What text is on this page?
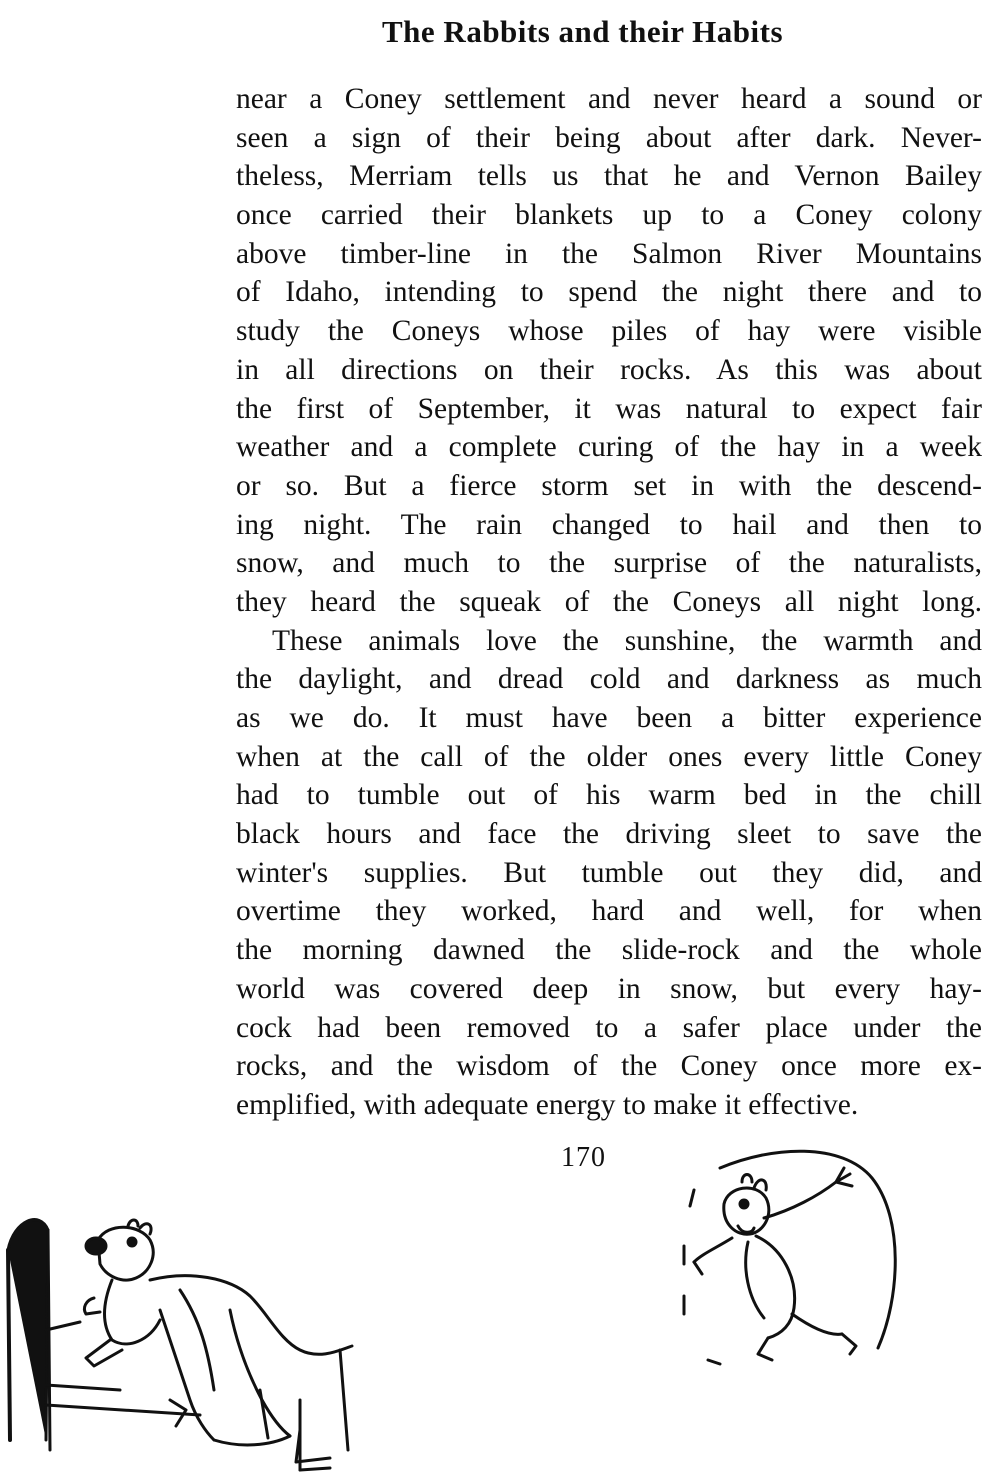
The Rabbits and their Habits
near a Coney settlement and never heard a sound or
seen a sign of their being about after dark. Never-
theless, Merriam tells us that he and Vernon Bailey
once carried their blankets up to a Coney colony
above timber-line in the Salmon River Mountains
of Idaho, intending to spend the night there and to
study the Coneys whose piles of hay were visible
in all directions on their rocks. As this was about
the first of September, it was natural to expect fair
weather and a complete curing of the hay in a week
or so. But a fierce storm set in with the descend-
ing night. The rain changed to hail and then to
snow, and much to the surprise of the naturalists,
they heard the squeak of the Coneys all night long.
These animals love the sunshine, the warmth and
the daylight, and dread cold and darkness as much
as we do. It must have been a bitter experience
when at the call of the older ones every little Coney
had to tumble out of his warm bed in the chill
black hours and face the driving sleet to save the
winter's supplies. But tumble out they did, and
overtime they worked, hard and well, for when
the morning dawned the slide-rock and the whole
world was covered deep in snow, but every hay-
cock had been removed to a safer place under the
rocks, and the wisdom of the Coney once more ex-
emplified, with adequate energy to make it effective.
170
